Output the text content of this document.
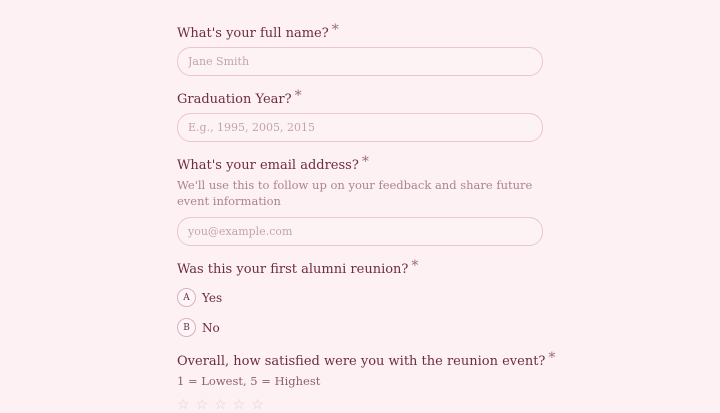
What's your full name? *
Jane Smith
Graduation Year? *
E.g., 1995, 2005, 2015
What's your email address? *
We'll use this to follow up on your feedback and share future event information
you@example.com
Was this your first alumni reunion? *
A	Yes
B	No
Overall, how satisfied were you with the reunion event? *
1 = Lowest, 5 = Highest
☆ ☆ ☆ ☆ ☆
